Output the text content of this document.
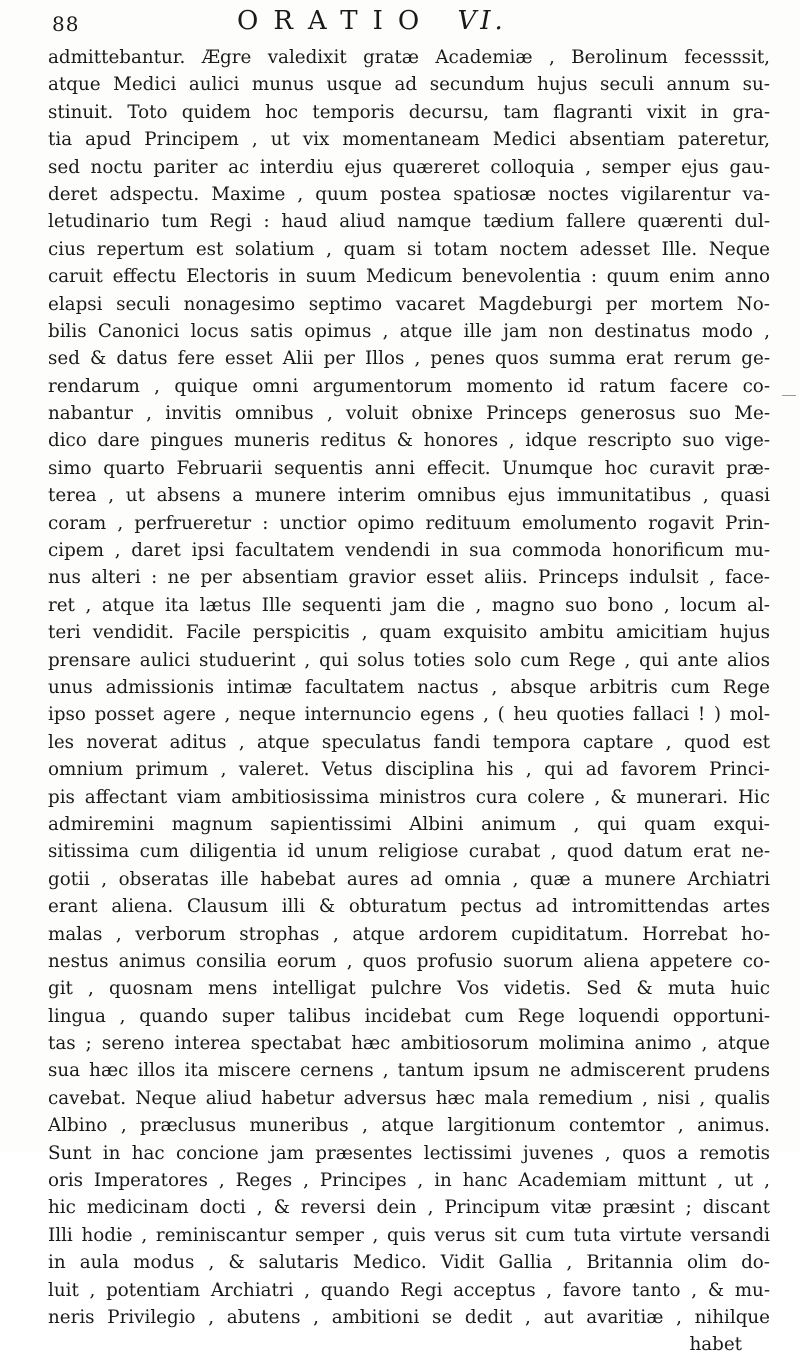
88	ORATIO VI.
admittebantur. Ægre valedixit gratæ Academiæ , Berolinum fecesssit,
atque Medici aulici munus usque ad secundum hujus seculi annum su-
stinuit. Toto quidem hoc temporis decursu, tam flagranti vixit in gra-
tia apud Principem , ut vix momentaneam Medici absentiam pateretur,
sed noctu pariter ac interdiu ejus quæreret colloquia , semper ejus gau-
deret adspectu. Maxime , quum postea spatiosæ noctes vigilarentur va-
letudinario tum Regi : haud aliud namque tædium fallere quærenti dul-
cius repertum est solatium , quam si totam noctem adesset Ille. Neque
caruit effectu Electoris in suum Medicum benevolentia : quum enim anno
elapsi seculi nonagesimo septimo vacaret Magdeburgi per mortem No-
bilis Canonici locus satis opimus , atque ille jam non destinatus modo ,
sed & datus fere esset Alii per Illos , penes quos summa erat rerum ge-
rendarum , quique omni argumentorum momento id ratum facere co-
nabantur , invitis omnibus , voluit obnixe Princeps generosus suo Me-
dico dare pingues muneris reditus & honores , idque rescripto suo vige-
simo quarto Februarii sequentis anni effecit. Unumque hoc curavit præ-
terea , ut absens a munere interim omnibus ejus immunitatibus , quasi
coram , perfrueretur : unctior opimo redituum emolumento rogavit Prin-
cipem , daret ipsi facultatem vendendi in sua commoda honorificum mu-
nus alteri : ne per absentiam gravior esset aliis. Princeps indulsit , face-
ret , atque ita lætus Ille sequenti jam die , magno suo bono , locum al-
teri vendidit. Facile perspicitis , quam exquisito ambitu amicitiam hujus
prensare aulici studuerint , qui solus toties solo cum Rege , qui ante alios
unus admissionis intimæ facultatem nactus , absque arbitris cum Rege
ipso posset agere , neque internuncio egens , ( heu quoties fallaci ! ) mol-
les noverat aditus , atque speculatus fandi tempora captare , quod est
omnium primum , valeret. Vetus disciplina his , qui ad favorem Princi-
pis affectant viam ambitiosissima ministros cura colere , & munerari. Hic
admiremini magnum sapientissimi Albini animum , qui quam exqui-
sitissima cum diligentia id unum religiose curabat , quod datum erat ne-
gotii , obseratas ille habebat aures ad omnia , quæ a munere Archiatri
erant aliena. Clausum illi & obturatum pectus ad intromittendas artes
malas , verborum strophas , atque ardorem cupiditatum. Horrebat ho-
nestus animus consilia eorum , quos profusio suorum aliena appetere co-
git , quosnam mens intelligat pulchre Vos videtis. Sed & muta huic
lingua , quando super talibus incidebat cum Rege loquendi opportuni-
tas ; sereno interea spectabat hæc ambitiosorum molimina animo , atque
sua hæc illos ita miscere cernens , tantum ipsum ne admiscerent prudens
cavebat. Neque aliud habetur adversus hæc mala remedium , nisi , qualis
Albino , præclusus muneribus , atque largitionum contemtor , animus.
Sunt in hac concione jam præsentes lectissimi juvenes , quos a remotis
oris Imperatores , Reges , Principes , in hanc Academiam mittunt , ut ,
hic medicinam docti , & reversi dein , Principum vitæ præsint ; discant
Illi hodie , reminiscantur semper , quis verus sit cum tuta virtute versandi
in aula modus , & salutaris Medico. Vidit Gallia , Britannia olim do-
luit , potentiam Archiatri , quando Regi acceptus , favore tanto , & mu-
neris Privilegio , abutens , ambitioni se dedit , aut avaritiæ , nihilque
habet
